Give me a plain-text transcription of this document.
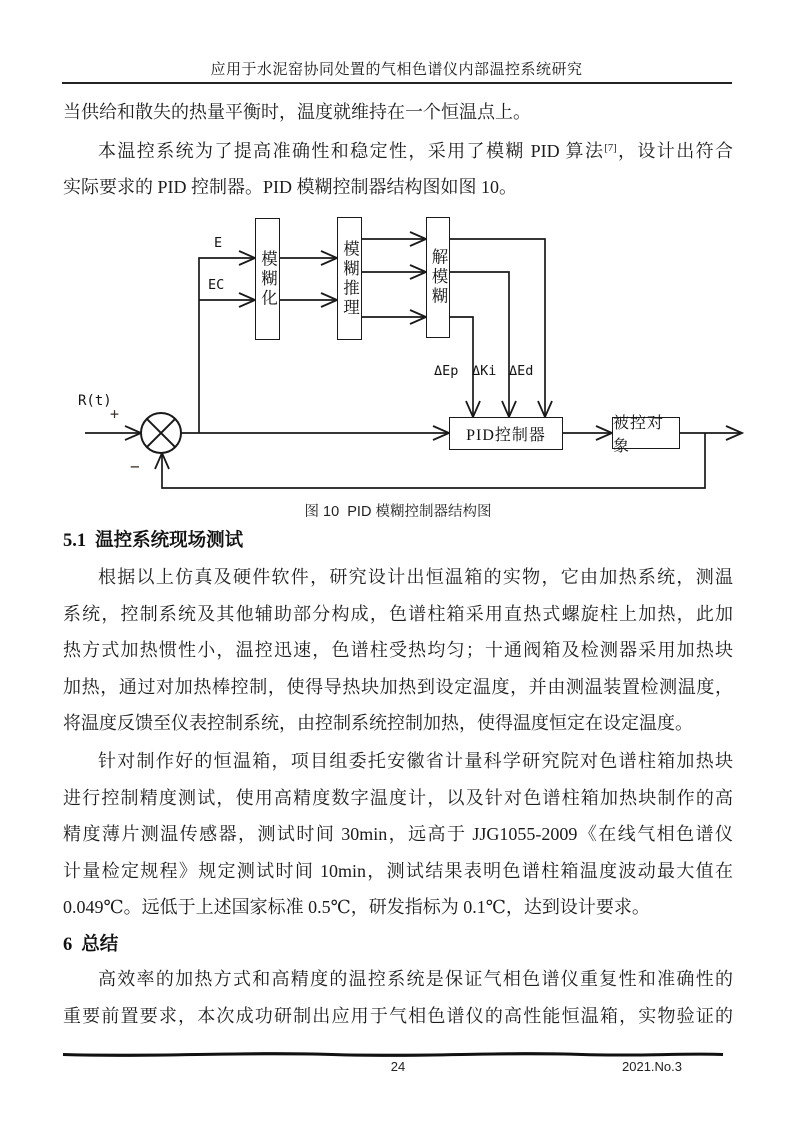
应用于水泥窑协同处置的气相色谱仪内部温控系统研究
当供给和散失的热量平衡时，温度就维持在一个恒温点上。
本温控系统为了提高准确性和稳定性，采用了模糊 PID 算法[7]，设计出符合
实际要求的 PID 控制器。PID 模糊控制器结构图如图 10。
模糊化	模糊推理	解模糊
PID控制器
被控对象
R(t)
+
−
E
EC
ΔEp ΔKi ΔEd
图 10  PID 模糊控制器结构图
5.1 温控系统现场测试
根据以上仿真及硬件软件，研究设计出恒温箱的实物，它由加热系统，测温
系统，控制系统及其他辅助部分构成，色谱柱箱采用直热式螺旋柱上加热，此加
热方式加热惯性小，温控迅速，色谱柱受热均匀；十通阀箱及检测器采用加热块
加热，通过对加热棒控制，使得导热块加热到设定温度，并由测温装置检测温度，
将温度反馈至仪表控制系统，由控制系统控制加热，使得温度恒定在设定温度。
针对制作好的恒温箱，项目组委托安徽省计量科学研究院对色谱柱箱加热块
进行控制精度测试，使用高精度数字温度计，以及针对色谱柱箱加热块制作的高
精度薄片测温传感器，测试时间 30min，远高于 JJG1055-2009《在线气相色谱仪
计量检定规程》规定测试时间 10min，测试结果表明色谱柱箱温度波动最大值在
0.049℃。远低于上述国家标准 0.5℃，研发指标为 0.1℃，达到设计要求。
6 总结
高效率的加热方式和高精度的温控系统是保证气相色谱仪重复性和准确性的
重要前置要求，本次成功研制出应用于气相色谱仪的高性能恒温箱，实物验证的
24	2021.No.3
